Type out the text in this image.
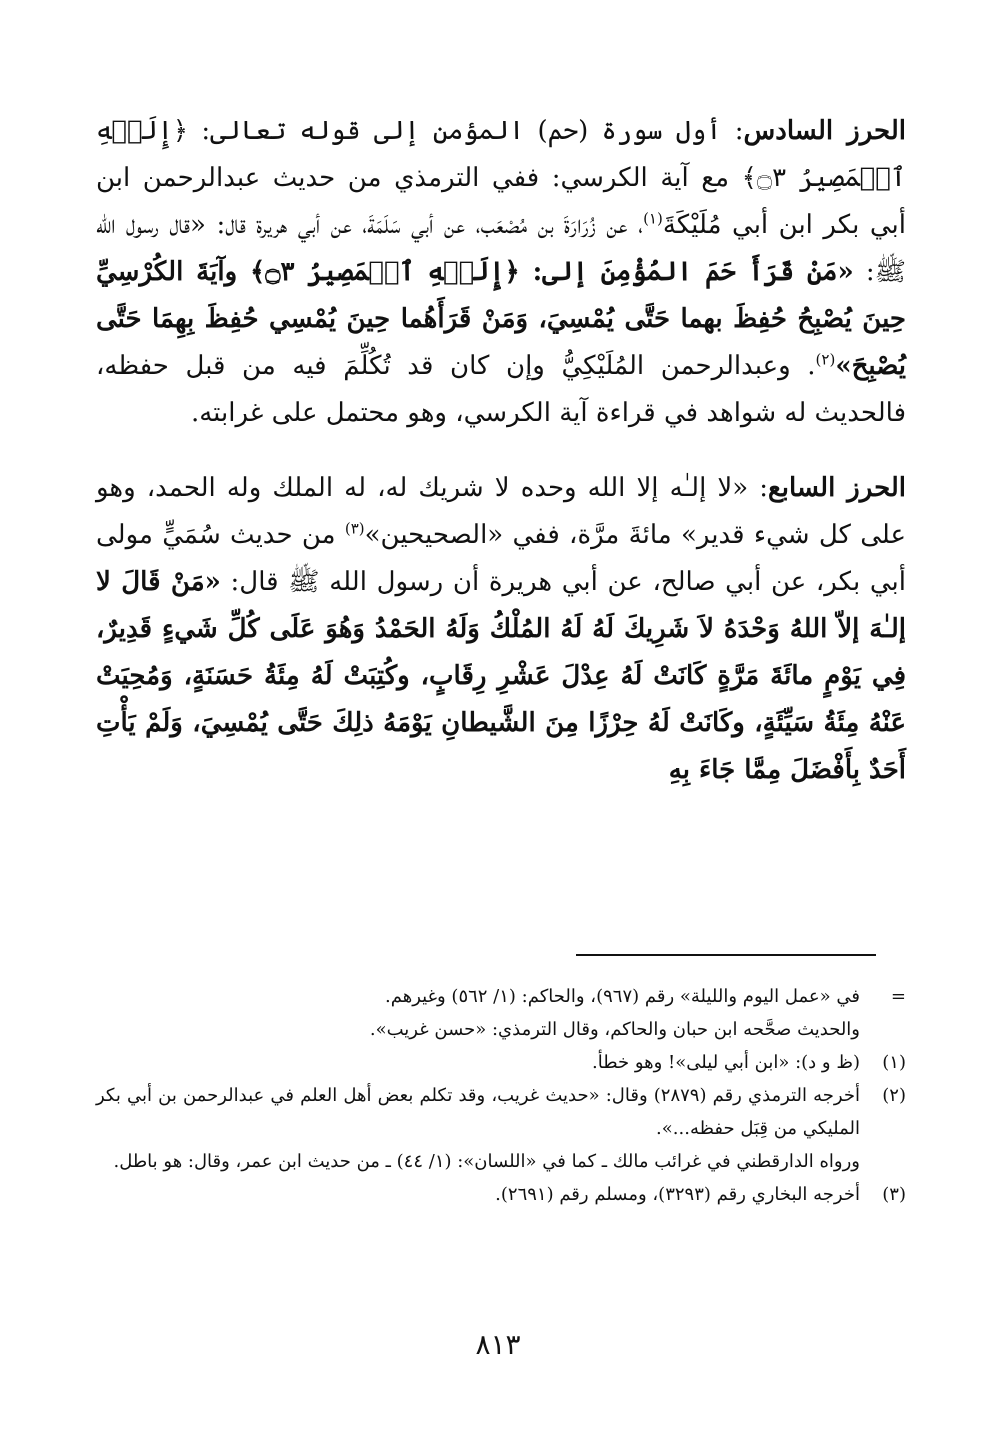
الحرز السادس: أول سورة (حم) المؤمن إلى قوله تعالى: ﴿إِلَيۡهِ ٱلۡمَصِيرُ ۝٣﴾ مع آية الكرسي: ففي الترمذي من حديث عبدالرحمن ابن أبي بكر ابن أبي مُلَيْكَةَ$^{(١)}$، عن زُرَارَةَ بن مُصْعَب، عن أبي سَلَمَةَ، عن أبي هريرة قال: «قال رسول الله ﷺ: «مَنْ قَرَأَ حَمَ المُؤْمِنَ إلى: ﴿إِلَيۡهِ ٱلۡمَصِيرُ ۝٣﴾ وآيَةَ الكُرْسِيِّ حِينَ يُصْبِحُ حُفِظَ بهما حَتَّى يُمْسِيَ، وَمَنْ قَرَأَهُما حِينَ يُمْسِي حُفِظَ بِهِمَا حَتَّى يُصْبِحَ»$^{(٢)}$. وعبدالرحمن المُلَيْكِيُّ وإن كان قد تُكُلِّمَ فيه من قبل حفظه، فالحديث له شواهد في قراءة آية الكرسي، وهو محتمل على غرابته.

الحرز السابع: «لا إلـٰه إلا الله وحده لا شريك له، له الملك وله الحمد، وهو على كل شيء قدير» مائةَ مرَّة، ففي «الصحيحين»$^{(٣)}$ من حديث سُمَيٍّ مولى أبي بكر، عن أبي صالح، عن أبي هريرة أن رسول الله ﷺ قال: «مَنْ قَالَ لا إلـٰهَ إلاّ اللهُ وَحْدَهُ لاَ شَرِيكَ لَهُ لَهُ المُلْكُ وَلَهُ الحَمْدُ وَهُوَ عَلَى كُلِّ شَيءٍ قَدِيرٌ، فِي يَوْمٍ مائَةَ مَرَّةٍ كَانَتْ لَهُ عِدْلَ عَشْرِ رِقَابٍ، وكُتِبَتْ لَهُ مِئَةُ حَسَنَةٍ، وَمُحِيَتْ عَنْهُ مِئَةُ سَيِّئَةٍ، وكَانَتْ لَهُ حِرْزًا مِنَ الشَّيطانِ يَوْمَهُ ذلِكَ حَتَّى يُمْسِيَ، وَلَمْ يَأْتِ أَحَدٌ بِأَفْضَلَ مِمَّا جَاءَ بِهِ

=
في «عمل اليوم والليلة» رقم (٩٦٧)، والحاكم: (١/ ٥٦٢) وغيرهم.
والحديث صحَّحه ابن حبان والحاكم، وقال الترمذي: «حسن غريب».
(١)
(ظ و د): «ابن أبي ليلى»! وهو خطأ.
(٢)
أخرجه الترمذي رقم (٢٨٧٩) وقال: «حديث غريب، وقد تكلم بعض أهل العلم في عبدالرحمن بن أبي بكر المليكي من قِبَل حفظه...».
ورواه الدارقطني في غرائب مالك ـ كما في «اللسان»: (١/ ٤٤) ـ من حديث ابن عمر، وقال: هو باطل.
(٣)
أخرجه البخاري رقم (٣٢٩٣)، ومسلم رقم (٢٦٩١).
٨١٣
